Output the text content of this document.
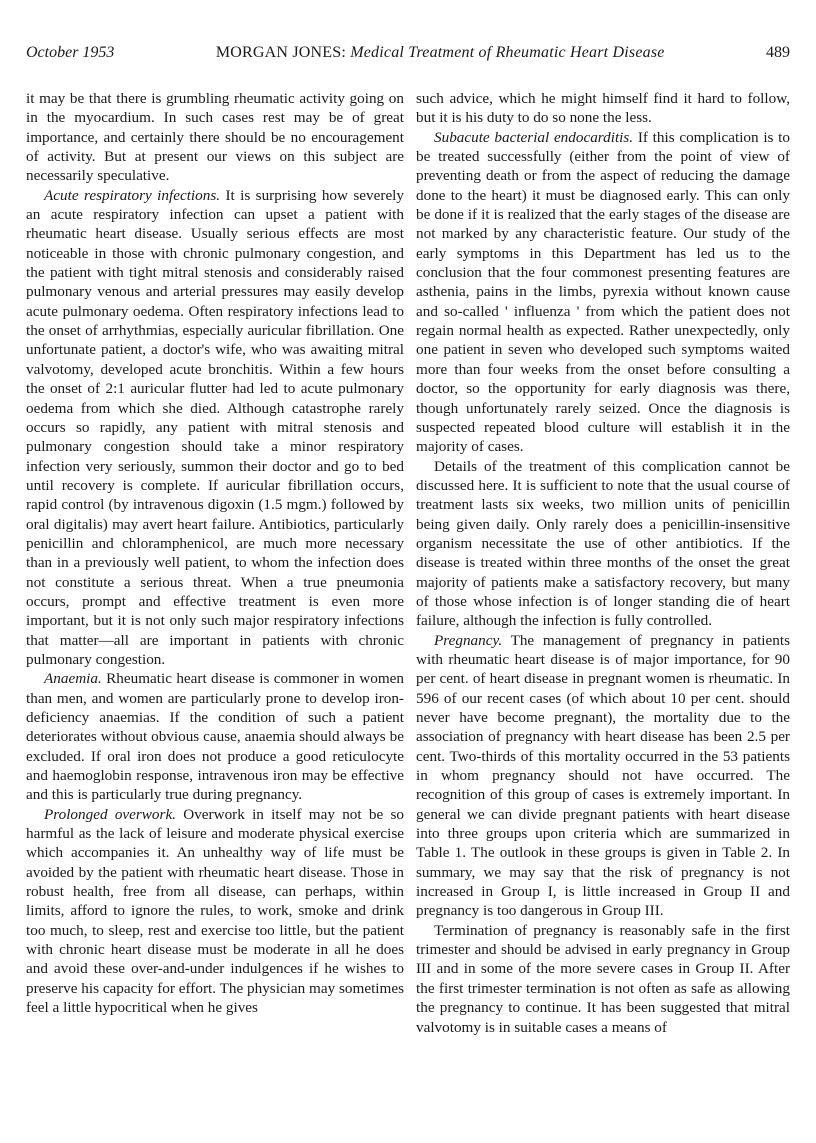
October 1953	MORGAN JONES: Medical Treatment of Rheumatic Heart Disease	489

it may be that there is grumbling rheumatic activity going on in the myocardium. In such cases rest may be of great importance, and certainly there should be no encouragement of activity. But at present our views on this subject are necessarily speculative.

Acute respiratory infections. It is surprising how severely an acute respiratory infection can upset a patient with rheumatic heart disease. Usually serious effects are most noticeable in those with chronic pulmonary congestion, and the patient with tight mitral stenosis and considerably raised pulmonary venous and arterial pressures may easily develop acute pulmonary oedema. Often respiratory infections lead to the onset of arrhythmias, especially auricular fibrillation. One unfortunate patient, a doctor's wife, who was awaiting mitral valvotomy, developed acute bronchitis. Within a few hours the onset of 2:1 auricular flutter had led to acute pulmonary oedema from which she died. Although catastrophe rarely occurs so rapidly, any patient with mitral stenosis and pulmonary congestion should take a minor respiratory infection very seriously, summon their doctor and go to bed until recovery is complete. If auricular fibrillation occurs, rapid control (by intravenous digoxin (1.5 mgm.) followed by oral digitalis) may avert heart failure. Antibiotics, particularly penicillin and chloramphenicol, are much more necessary than in a previously well patient, to whom the infection does not constitute a serious threat. When a true pneumonia occurs, prompt and effective treatment is even more important, but it is not only such major respiratory infections that matter—all are important in patients with chronic pulmonary congestion.

Anaemia. Rheumatic heart disease is commoner in women than men, and women are particularly prone to develop iron-deficiency anaemias. If the condition of such a patient deteriorates without obvious cause, anaemia should always be excluded. If oral iron does not produce a good reticulocyte and haemoglobin response, intravenous iron may be effective and this is particularly true during pregnancy.

Prolonged overwork. Overwork in itself may not be so harmful as the lack of leisure and moderate physical exercise which accompanies it. An unhealthy way of life must be avoided by the patient with rheumatic heart disease. Those in robust health, free from all disease, can perhaps, within limits, afford to ignore the rules, to work, smoke and drink too much, to sleep, rest and exercise too little, but the patient with chronic heart disease must be moderate in all he does and avoid these over-and-under indulgences if he wishes to preserve his capacity for effort. The physician may sometimes feel a little hypocritical when he gives

such advice, which he might himself find it hard to follow, but it is his duty to do so none the less.

Subacute bacterial endocarditis. If this complication is to be treated successfully (either from the point of view of preventing death or from the aspect of reducing the damage done to the heart) it must be diagnosed early. This can only be done if it is realized that the early stages of the disease are not marked by any characteristic feature. Our study of the early symptoms in this Department has led us to the conclusion that the four commonest presenting features are asthenia, pains in the limbs, pyrexia without known cause and so-called ' influenza ' from which the patient does not regain normal health as expected. Rather unexpectedly, only one patient in seven who developed such symptoms waited more than four weeks from the onset before consulting a doctor, so the opportunity for early diagnosis was there, though unfortunately rarely seized. Once the diagnosis is suspected repeated blood culture will establish it in the majority of cases.

Details of the treatment of this complication cannot be discussed here. It is sufficient to note that the usual course of treatment lasts six weeks, two million units of penicillin being given daily. Only rarely does a penicillin-insensitive organism necessitate the use of other antibiotics. If the disease is treated within three months of the onset the great majority of patients make a satisfactory recovery, but many of those whose infection is of longer standing die of heart failure, although the infection is fully controlled.

Pregnancy. The management of pregnancy in patients with rheumatic heart disease is of major importance, for 90 per cent. of heart disease in pregnant women is rheumatic. In 596 of our recent cases (of which about 10 per cent. should never have become pregnant), the mortality due to the association of pregnancy with heart disease has been 2.5 per cent. Two-thirds of this mortality occurred in the 53 patients in whom pregnancy should not have occurred. The recognition of this group of cases is extremely important. In general we can divide pregnant patients with heart disease into three groups upon criteria which are summarized in Table 1. The outlook in these groups is given in Table 2. In summary, we may say that the risk of pregnancy is not increased in Group I, is little increased in Group II and pregnancy is too dangerous in Group III.

Termination of pregnancy is reasonably safe in the first trimester and should be advised in early pregnancy in Group III and in some of the more severe cases in Group II. After the first trimester termination is not often as safe as allowing the pregnancy to continue. It has been suggested that mitral valvotomy is in suitable cases a means of
